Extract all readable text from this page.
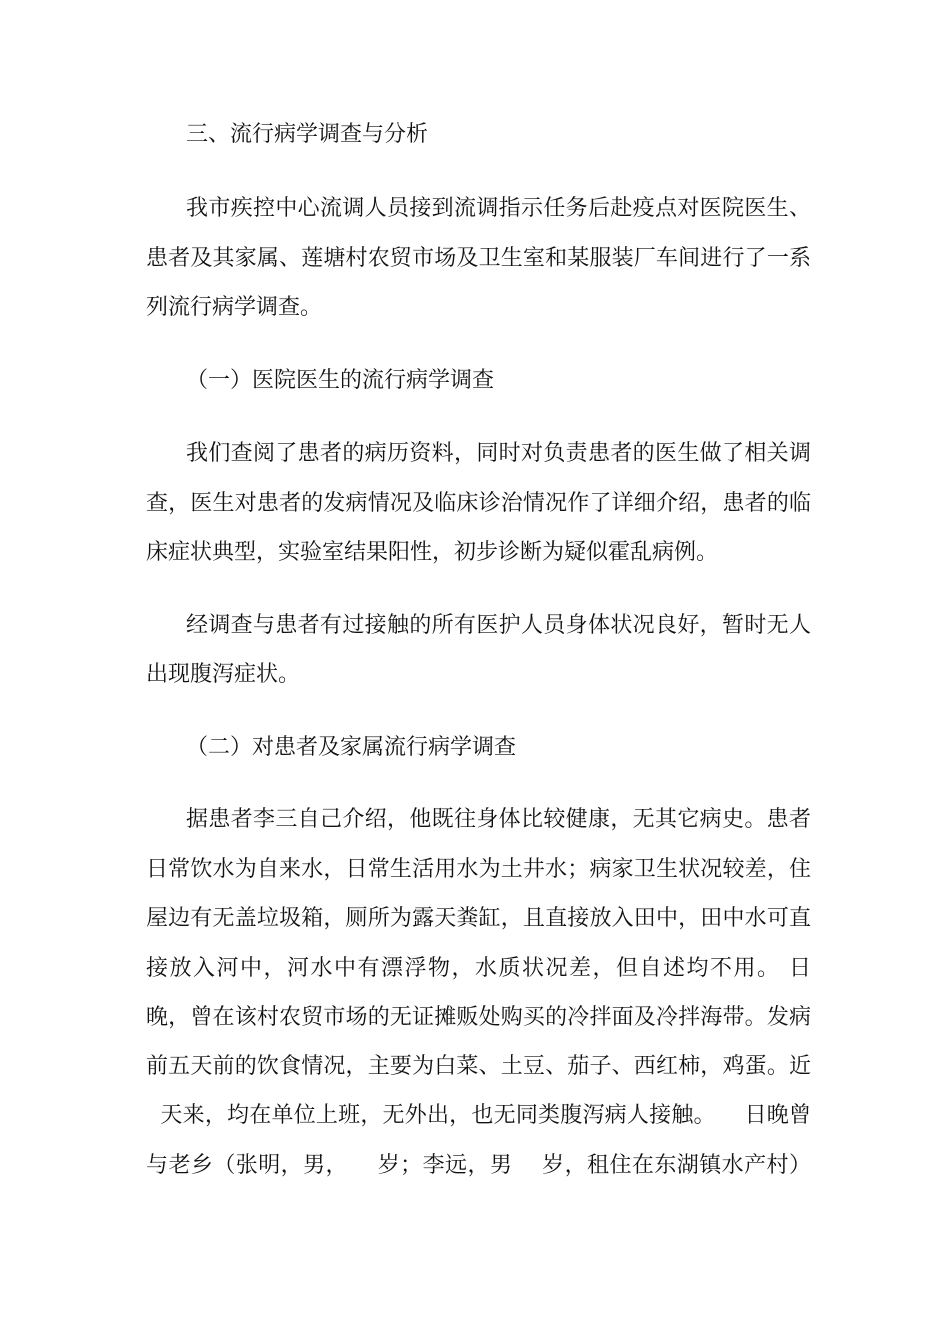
三、流行病学调查与分析
我市疾控中心流调人员接到流调指示任务后赴疫点对医院医生、
患者及其家属、莲塘村农贸市场及卫生室和某服装厂车间进行了一系
列流行病学调查。
（一）医院医生的流行病学调查
我们查阅了患者的病历资料，同时对负责患者的医生做了相关调
查，医生对患者的发病情况及临床诊治情况作了详细介绍，患者的临
床症状典型，实验室结果阳性，初步诊断为疑似霍乱病例。
经调查与患者有过接触的所有医护人员身体状况良好，暂时无人
出现腹泻症状。
（二）对患者及家属流行病学调查
据患者李三自己介绍，他既往身体比较健康，无其它病史。患者
日常饮水为自来水，日常生活用水为土井水；病家卫生状况较差，住
屋边有无盖垃圾箱，厕所为露天粪缸，且直接放入田中，田中水可直
接放入河中，河水中有漂浮物，水质状况差，但自述均不用。 日
晚，曾在该村农贸市场的无证摊贩处购买的冷拌面及冷拌海带。发病
前五天前的饮食情况，主要为白菜、土豆、茄子、西红柿，鸡蛋。近
天来，均在单位上班，无外出，也无同类腹泻病人接触。    日晚曾
与老乡（张明，男，    岁；李远，男    岁，租住在东湖镇水产村）
